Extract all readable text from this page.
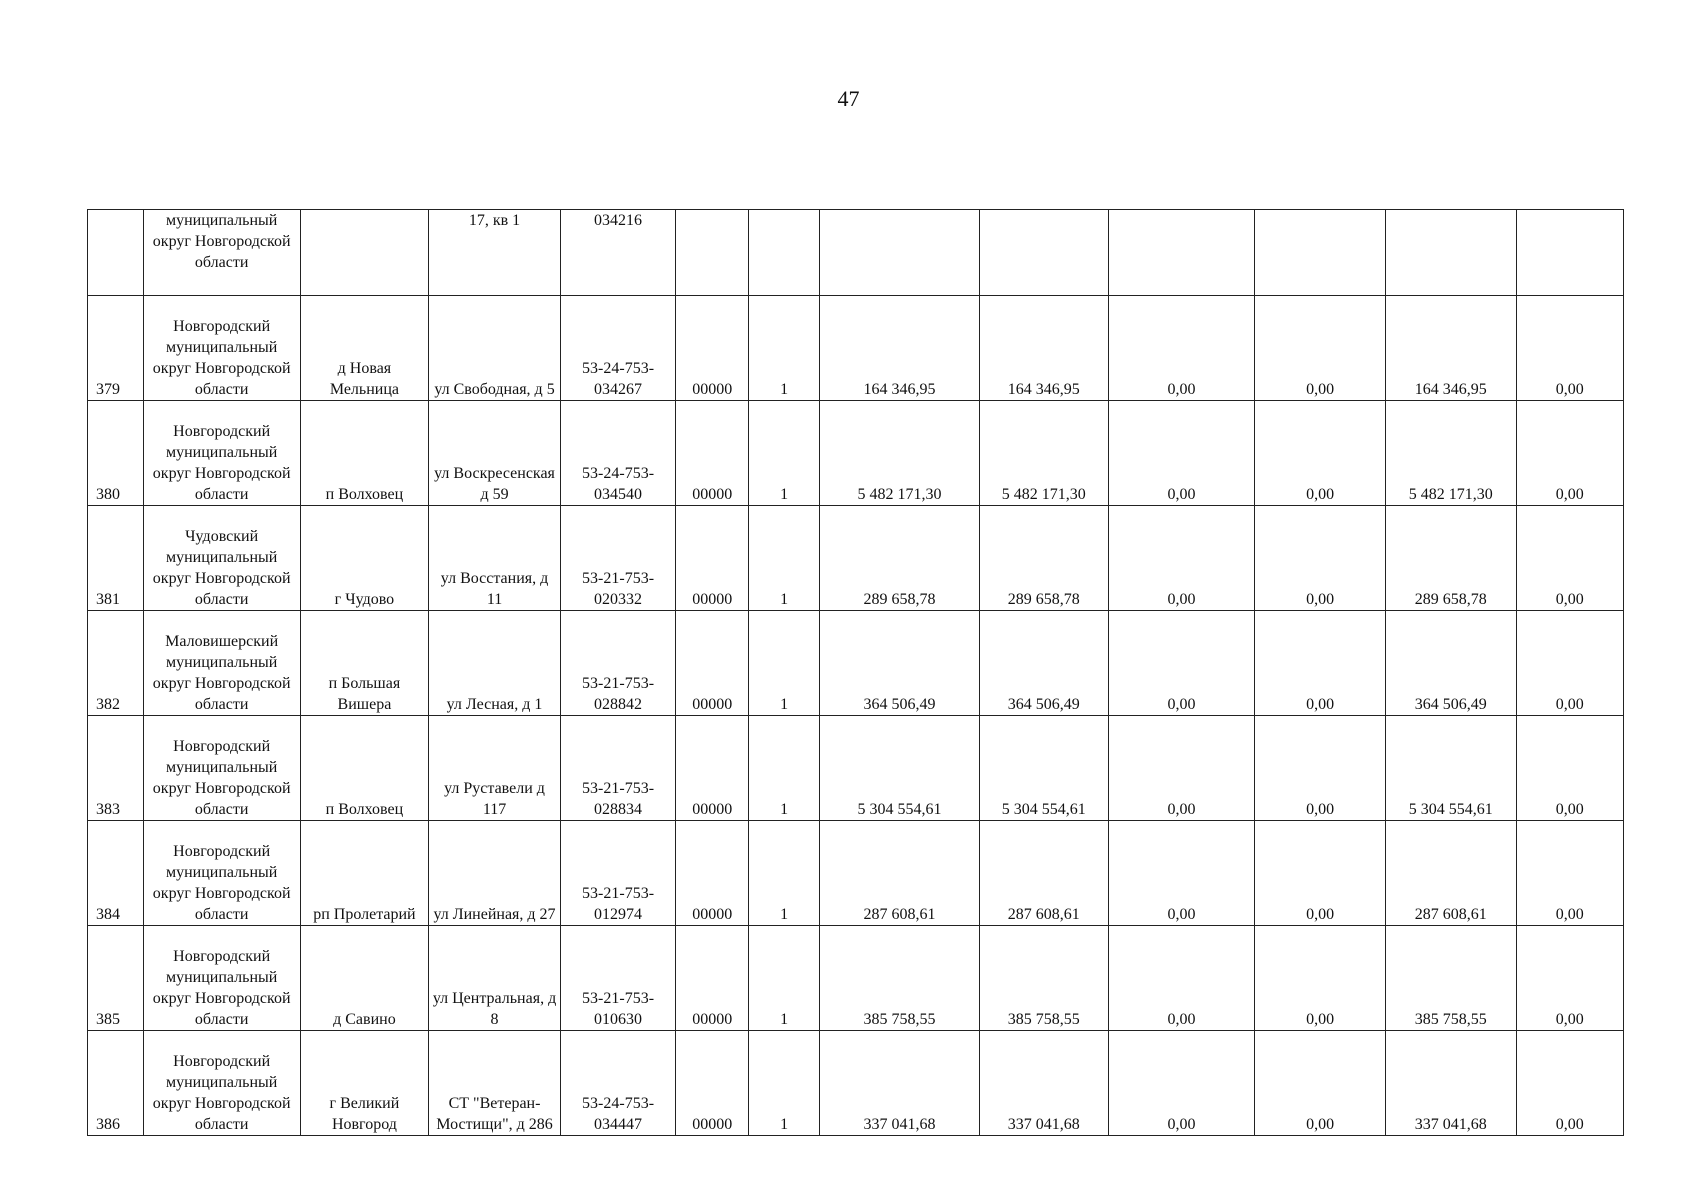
47
	муниципальный округ Новгородской области		17, кв 1	034216								
379	Новгородский муниципальный округ Новгородской области	д Новая Мельница	ул Свободная, д 5	53-24-753-034267	00000	1	164 346,95	164 346,95	0,00	0,00	164 346,95	0,00
380	Новгородский муниципальный округ Новгородской области	п Волховец	ул Воскресенская д 59	53-24-753-034540	00000	1	5 482 171,30	5 482 171,30	0,00	0,00	5 482 171,30	0,00
381	Чудовский муниципальный округ Новгородской области	г Чудово	ул Восстания, д 11	53-21-753-020332	00000	1	289 658,78	289 658,78	0,00	0,00	289 658,78	0,00
382	Маловишерский муниципальный округ Новгородской области	п Большая Вишера	ул Лесная, д 1	53-21-753-028842	00000	1	364 506,49	364 506,49	0,00	0,00	364 506,49	0,00
383	Новгородский муниципальный округ Новгородской области	п Волховец	ул Руставели д 117	53-21-753-028834	00000	1	5 304 554,61	5 304 554,61	0,00	0,00	5 304 554,61	0,00
384	Новгородский муниципальный округ Новгородской области	рп Пролетарий	ул Линейная, д 27	53-21-753-012974	00000	1	287 608,61	287 608,61	0,00	0,00	287 608,61	0,00
385	Новгородский муниципальный округ Новгородской области	д Савино	ул Центральная, д 8	53-21-753-010630	00000	1	385 758,55	385 758,55	0,00	0,00	385 758,55	0,00
386	Новгородский муниципальный округ Новгородской области	г Великий Новгород	СТ "Ветеран-Мостищи", д 286	53-24-753-034447	00000	1	337 041,68	337 041,68	0,00	0,00	337 041,68	0,00
